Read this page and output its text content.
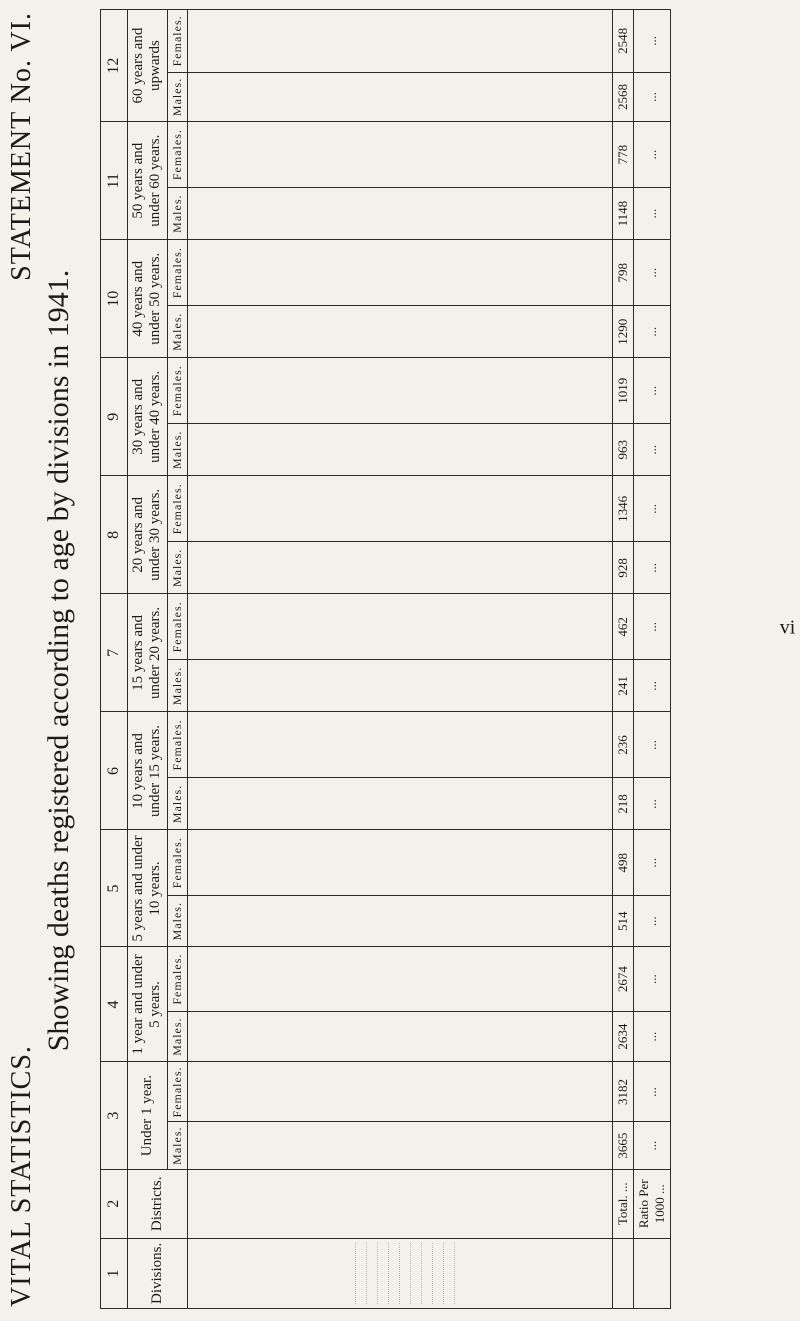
VITAL STATISTICS.
Showing deaths registered according to age by divisions in 1941.
STATEMENT No. VI.
1	2	3		4		5		6		7		8		9		10		11		12	
Divisions.	Districts.	Under 1 year.		1 year and under 5 years.		5 years and under 10 years.		10 years and under 15 years.		15 years and under 20 years.		20 years and under 30 years.		30 years and under 40 years.		40 years and under 50 years.		50 years and under 60 years.		60 years and upwards	
		Males.	Females.	Males.	Females.	Males.	Females.	Males.	Females.	Males.	Females.	Males.	Females.	Males.	Females.	Males.	Females.	Males.	Females.	Males.	Females.

	Total. ...	3665	3182	2634	2674	514	498	218	236	241	462	928	1346	963	1019	1290	798	1148	778	2568	2548
	Ratio Per 1000 ...	...	...	...	...	...	...	...	...	...	...	...	...	...	...	...	...	...	...	...	...
vi
